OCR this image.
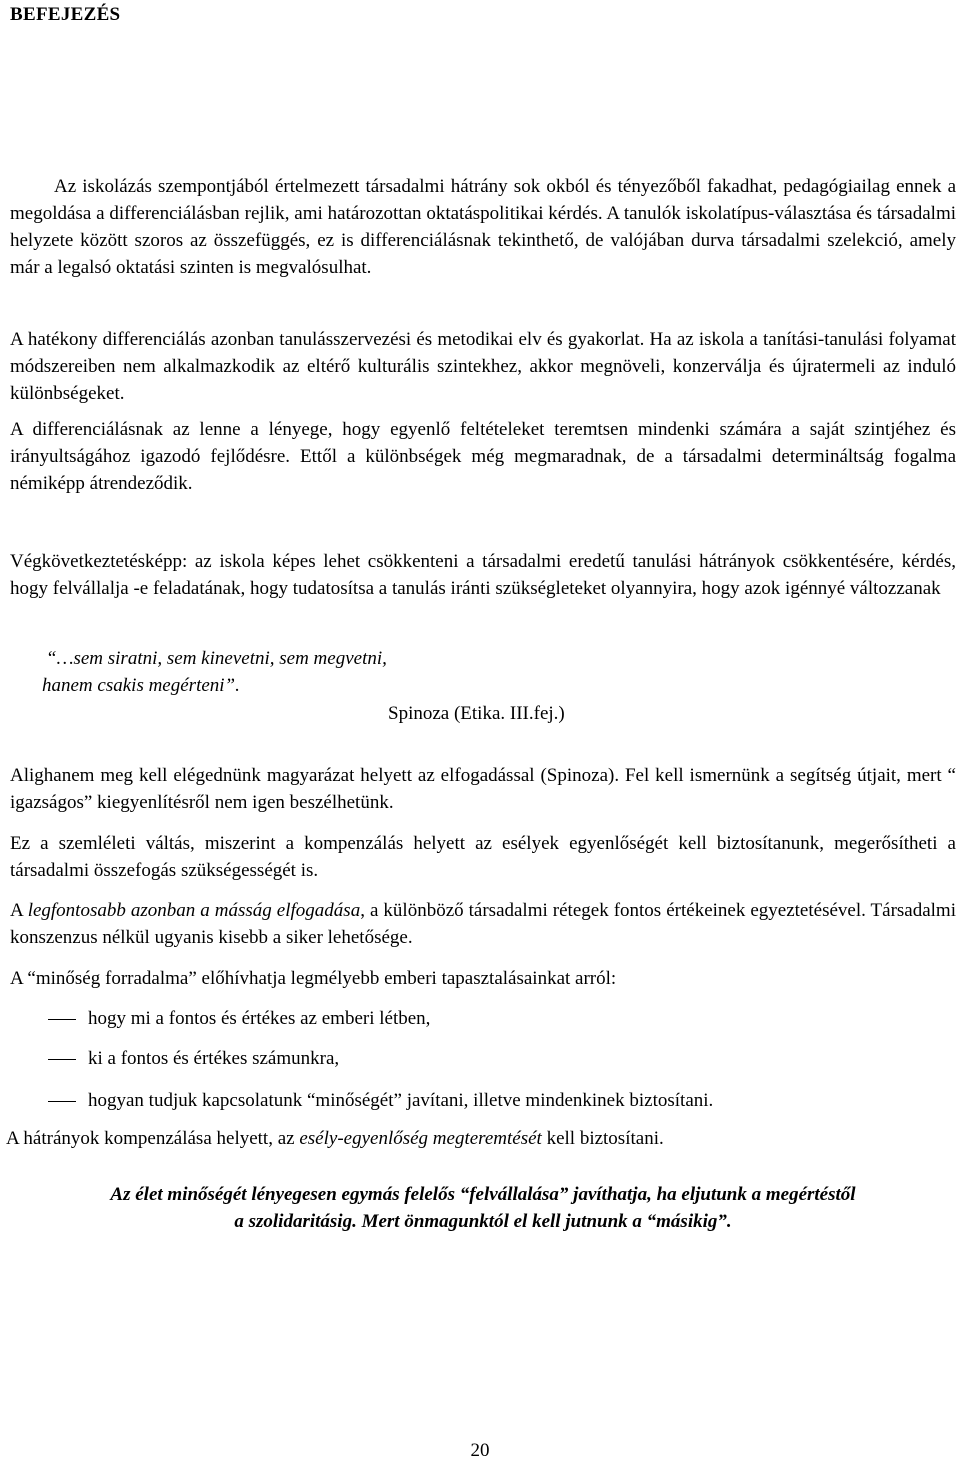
BEFEJEZÉS
Az iskolázás szempontjából értelmezett társadalmi hátrány sok okból és tényezőből fakadhat, pedagógiailag ennek a megoldása a differenciálásban rejlik, ami határozottan oktatáspolitikai kérdés. A tanulók iskolatípus-választása és társadalmi helyzete között szoros az összefüggés, ez is differenciálásnak tekinthető, de valójában durva társadalmi szelekció, amely már a legalsó oktatási szinten is megvalósulhat.
A hatékony differenciálás azonban tanulásszervezési és metodikai elv és gyakorlat. Ha az iskola a tanítási-tanulási folyamat módszereiben nem alkalmazkodik az eltérő kulturális szintekhez, akkor megnöveli, konzerválja és újratermeli az induló különbségeket.
A differenciálásnak az lenne a lényege, hogy egyenlő feltételeket teremtsen mindenki számára a saját szintjéhez és irányultságához igazodó fejlődésre. Ettől a különbségek még megmaradnak, de a társadalmi determináltság fogalma némiképp átrendeződik.
Végkövetkeztetésképp: az iskola képes lehet csökkenteni a társadalmi eredetű tanulási hátrányok csökkentésére, kérdés, hogy felvállalja -e feladatának, hogy tudatosítsa a tanulás iránti szükségleteket olyannyira, hogy azok igénnyé változzanak
“…sem siratni, sem kinevetni, sem megvetni,
hanem csakis megérteni”.
Spinoza (Etika. III.fej.)
Alighanem meg kell elégednünk magyarázat helyett az elfogadással (Spinoza). Fel kell ismernünk a segítség útjait, mert “ igazságos” kiegyenlítésről nem igen beszélhetünk.
Ez a szemléleti váltás, miszerint a kompenzálás helyett az esélyek egyenlőségét kell biztosítanunk, megerősítheti a társadalmi összefogás szükségességét is.
A legfontosabb azonban a másság elfogadása, a különböző társadalmi rétegek fontos értékeinek egyeztetésével. Társadalmi konszenzus nélkül ugyanis kisebb a siker lehetősége.
A “minőség forradalma” előhívhatja legmélyebb emberi tapasztalásainkat arról:
hogy mi a fontos és értékes az emberi létben,
ki a fontos és értékes számunkra,
hogyan tudjuk kapcsolatunk “minőségét” javítani, illetve mindenkinek biztosítani.
A hátrányok kompenzálása helyett, az esély-egyenlőség megteremtését kell biztosítani.
Az élet minőségét lényegesen egymás felelős “felvállalása” javíthatja, ha eljutunk a megértéstől
a szolidaritásig. Mert önmagunktól el kell jutnunk a “másikig”.
20
